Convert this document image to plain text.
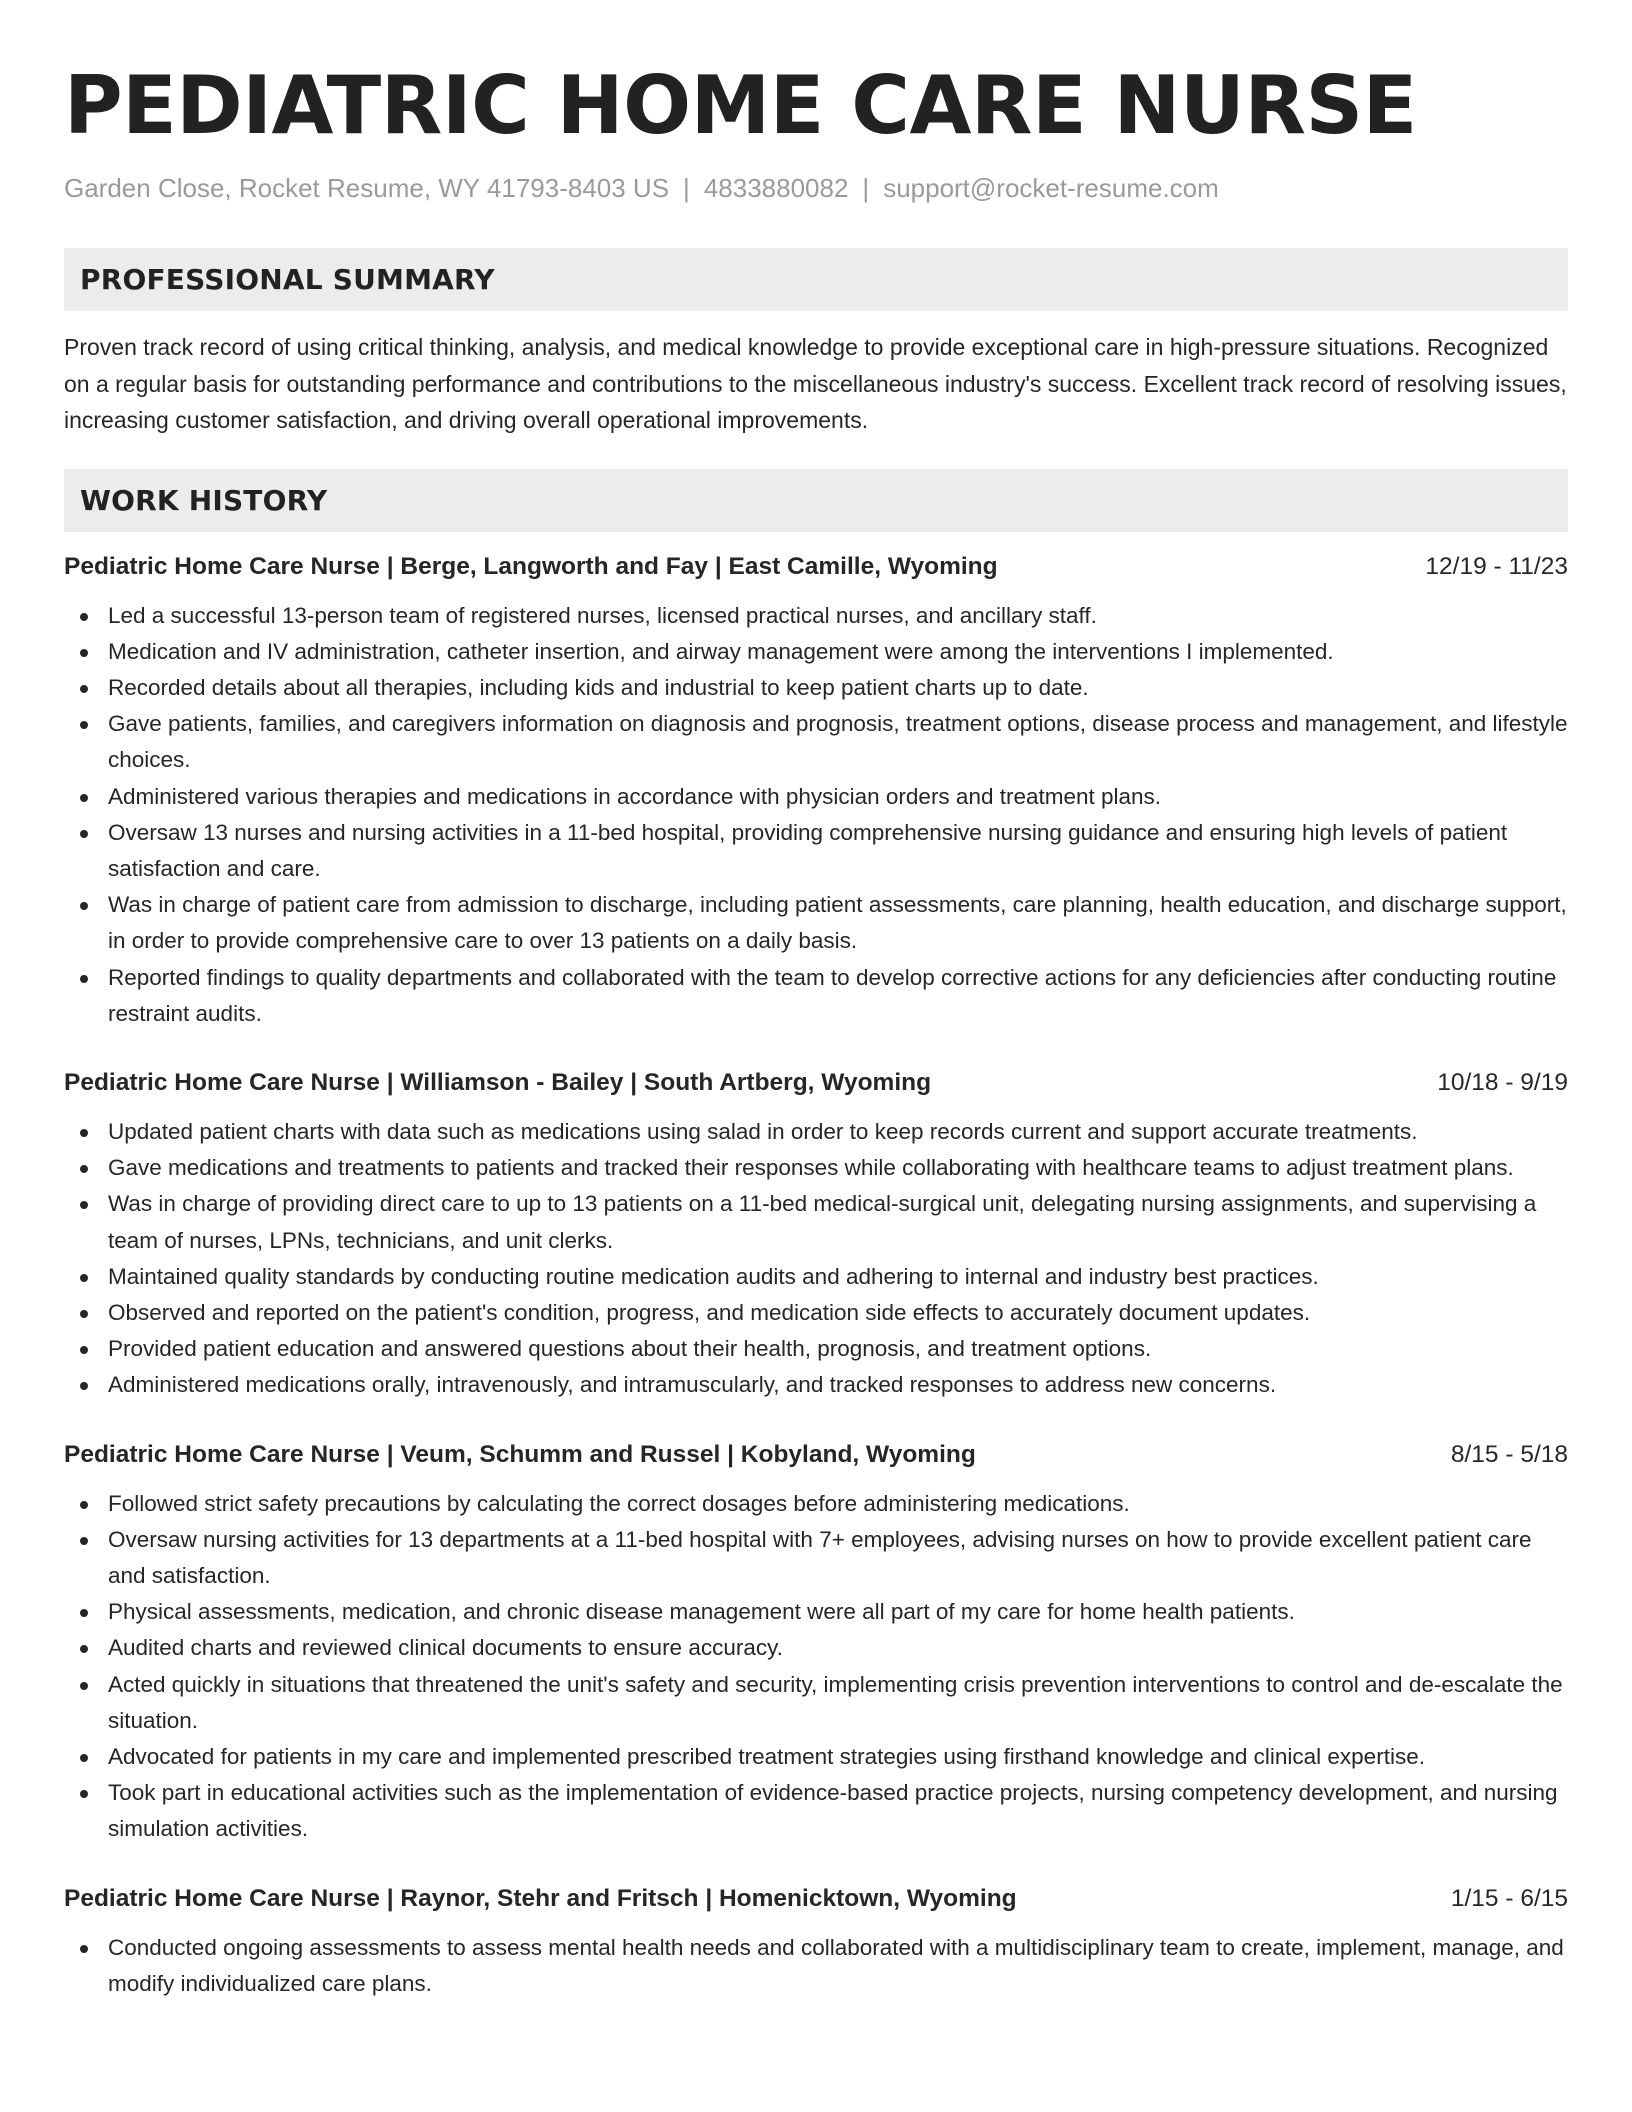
PEDIATRIC HOME CARE NURSE
Garden Close, Rocket Resume, WY 41793-8403 US | 4833880082 | support@rocket-resume.com
PROFESSIONAL SUMMARY

Proven track record of using critical thinking, analysis, and medical knowledge to provide exceptional care in high-pressure situations. Recognized on a regular basis for outstanding performance and contributions to the miscellaneous industry's success. Excellent track record of resolving issues, increasing customer satisfaction, and driving overall operational improvements.

WORK HISTORY
Pediatric Home Care Nurse | Berge, Langworth and Fay | East Camille, Wyoming	12/19 - 11/23
Led a successful 13-person team of registered nurses, licensed practical nurses, and ancillary staff.
Medication and IV administration, catheter insertion, and airway management were among the interventions I implemented.
Recorded details about all therapies, including kids and industrial to keep patient charts up to date.
Gave patients, families, and caregivers information on diagnosis and prognosis, treatment options, disease process and management, and lifestyle choices.
Administered various therapies and medications in accordance with physician orders and treatment plans.
Oversaw 13 nurses and nursing activities in a 11-bed hospital, providing comprehensive nursing guidance and ensuring high levels of patient satisfaction and care.
Was in charge of patient care from admission to discharge, including patient assessments, care planning, health education, and discharge support, in order to provide comprehensive care to over 13 patients on a daily basis.
Reported findings to quality departments and collaborated with the team to develop corrective actions for any deficiencies after conducting routine restraint audits.
Pediatric Home Care Nurse | Williamson - Bailey | South Artberg, Wyoming	10/18 - 9/19
Updated patient charts with data such as medications using salad in order to keep records current and support accurate treatments.
Gave medications and treatments to patients and tracked their responses while collaborating with healthcare teams to adjust treatment plans.
Was in charge of providing direct care to up to 13 patients on a 11-bed medical-surgical unit, delegating nursing assignments, and supervising a team of nurses, LPNs, technicians, and unit clerks.
Maintained quality standards by conducting routine medication audits and adhering to internal and industry best practices.
Observed and reported on the patient's condition, progress, and medication side effects to accurately document updates.
Provided patient education and answered questions about their health, prognosis, and treatment options.
Administered medications orally, intravenously, and intramuscularly, and tracked responses to address new concerns.
Pediatric Home Care Nurse | Veum, Schumm and Russel | Kobyland, Wyoming	8/15 - 5/18
Followed strict safety precautions by calculating the correct dosages before administering medications.
Oversaw nursing activities for 13 departments at a 11-bed hospital with 7+ employees, advising nurses on how to provide excellent patient care and satisfaction.
Physical assessments, medication, and chronic disease management were all part of my care for home health patients.
Audited charts and reviewed clinical documents to ensure accuracy.
Acted quickly in situations that threatened the unit's safety and security, implementing crisis prevention interventions to control and de-escalate the situation.
Advocated for patients in my care and implemented prescribed treatment strategies using firsthand knowledge and clinical expertise.
Took part in educational activities such as the implementation of evidence-based practice projects, nursing competency development, and nursing simulation activities.
Pediatric Home Care Nurse | Raynor, Stehr and Fritsch | Homenicktown, Wyoming	1/15 - 6/15
Conducted ongoing assessments to assess mental health needs and collaborated with a multidisciplinary team to create, implement, manage, and modify individualized care plans.
